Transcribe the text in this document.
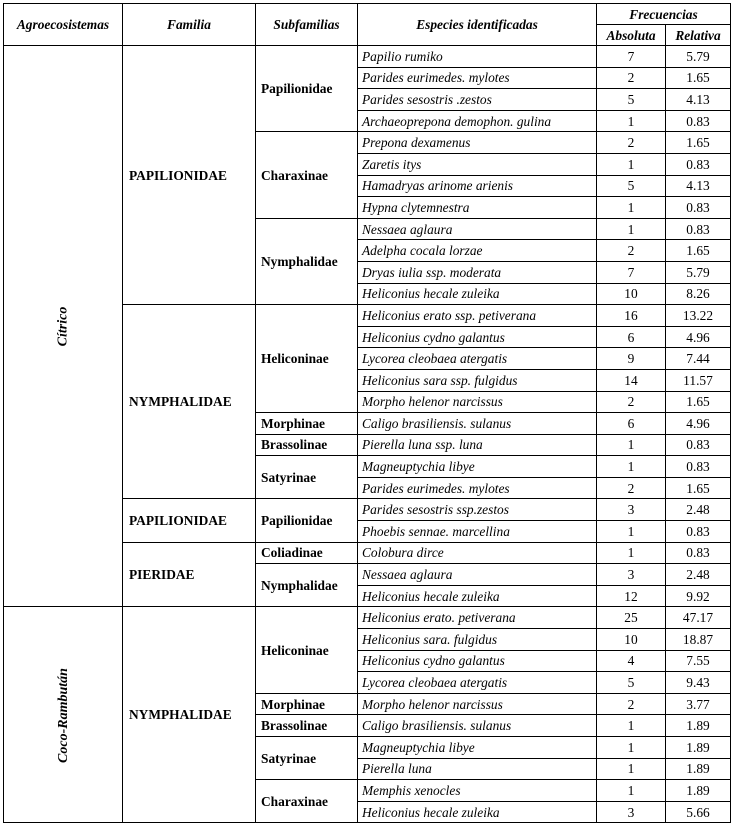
Agroecosistemas	Familia	Subfamilias	Especies identificadas	Frecuencias	
				Absoluta	Relativa
Cítrico	PAPILIONIDAE	Papilionidae	Papilio rumiko	7	5.79
			Parides eurimedes. mylotes	2	1.65
			Parides sesostris .zestos	5	4.13
			Archaeoprepona demophon. gulina	1	0.83
		Charaxinae	Prepona dexamenus	2	1.65
			Zaretis itys	1	0.83
			Hamadryas arinome arienis	5	4.13
			Hypna clytemnestra	1	0.83
		Nymphalidae	Nessaea aglaura	1	0.83
			Adelpha cocala lorzae	2	1.65
			Dryas iulia ssp. moderata	7	5.79
			Heliconius hecale zuleika	10	8.26
	NYMPHALIDAE	Heliconinae	Heliconius erato ssp. petiverana	16	13.22
			Heliconius cydno galantus	6	4.96
			Lycorea cleobaea atergatis	9	7.44
			Heliconius sara ssp. fulgidus	14	11.57
			Morpho helenor narcissus	2	1.65
		Morphinae	Caligo brasiliensis. sulanus	6	4.96
		Brassolinae	Pierella luna ssp. luna	1	0.83
		Satyrinae	Magneuptychia libye	1	0.83
			Parides eurimedes. mylotes	2	1.65
	PAPILIONIDAE	Papilionidae	Parides sesostris ssp.zestos	3	2.48
			Phoebis sennae. marcellina	1	0.83
	PIERIDAE	Coliadinae	Colobura dirce	1	0.83
		Nymphalidae	Nessaea aglaura	3	2.48
			Heliconius hecale zuleika	12	9.92
Coco-Rambután	NYMPHALIDAE	Heliconinae	Heliconius erato. petiverana	25	47.17
			Heliconius sara. fulgidus	10	18.87
			Heliconius cydno galantus	4	7.55
			Lycorea cleobaea atergatis	5	9.43
		Morphinae	Morpho helenor narcissus	2	3.77
		Brassolinae	Caligo brasiliensis. sulanus	1	1.89
		Satyrinae	Magneuptychia libye	1	1.89
			Pierella luna	1	1.89
		Charaxinae	Memphis xenocles	1	1.89
			Heliconius hecale zuleika	3	5.66
